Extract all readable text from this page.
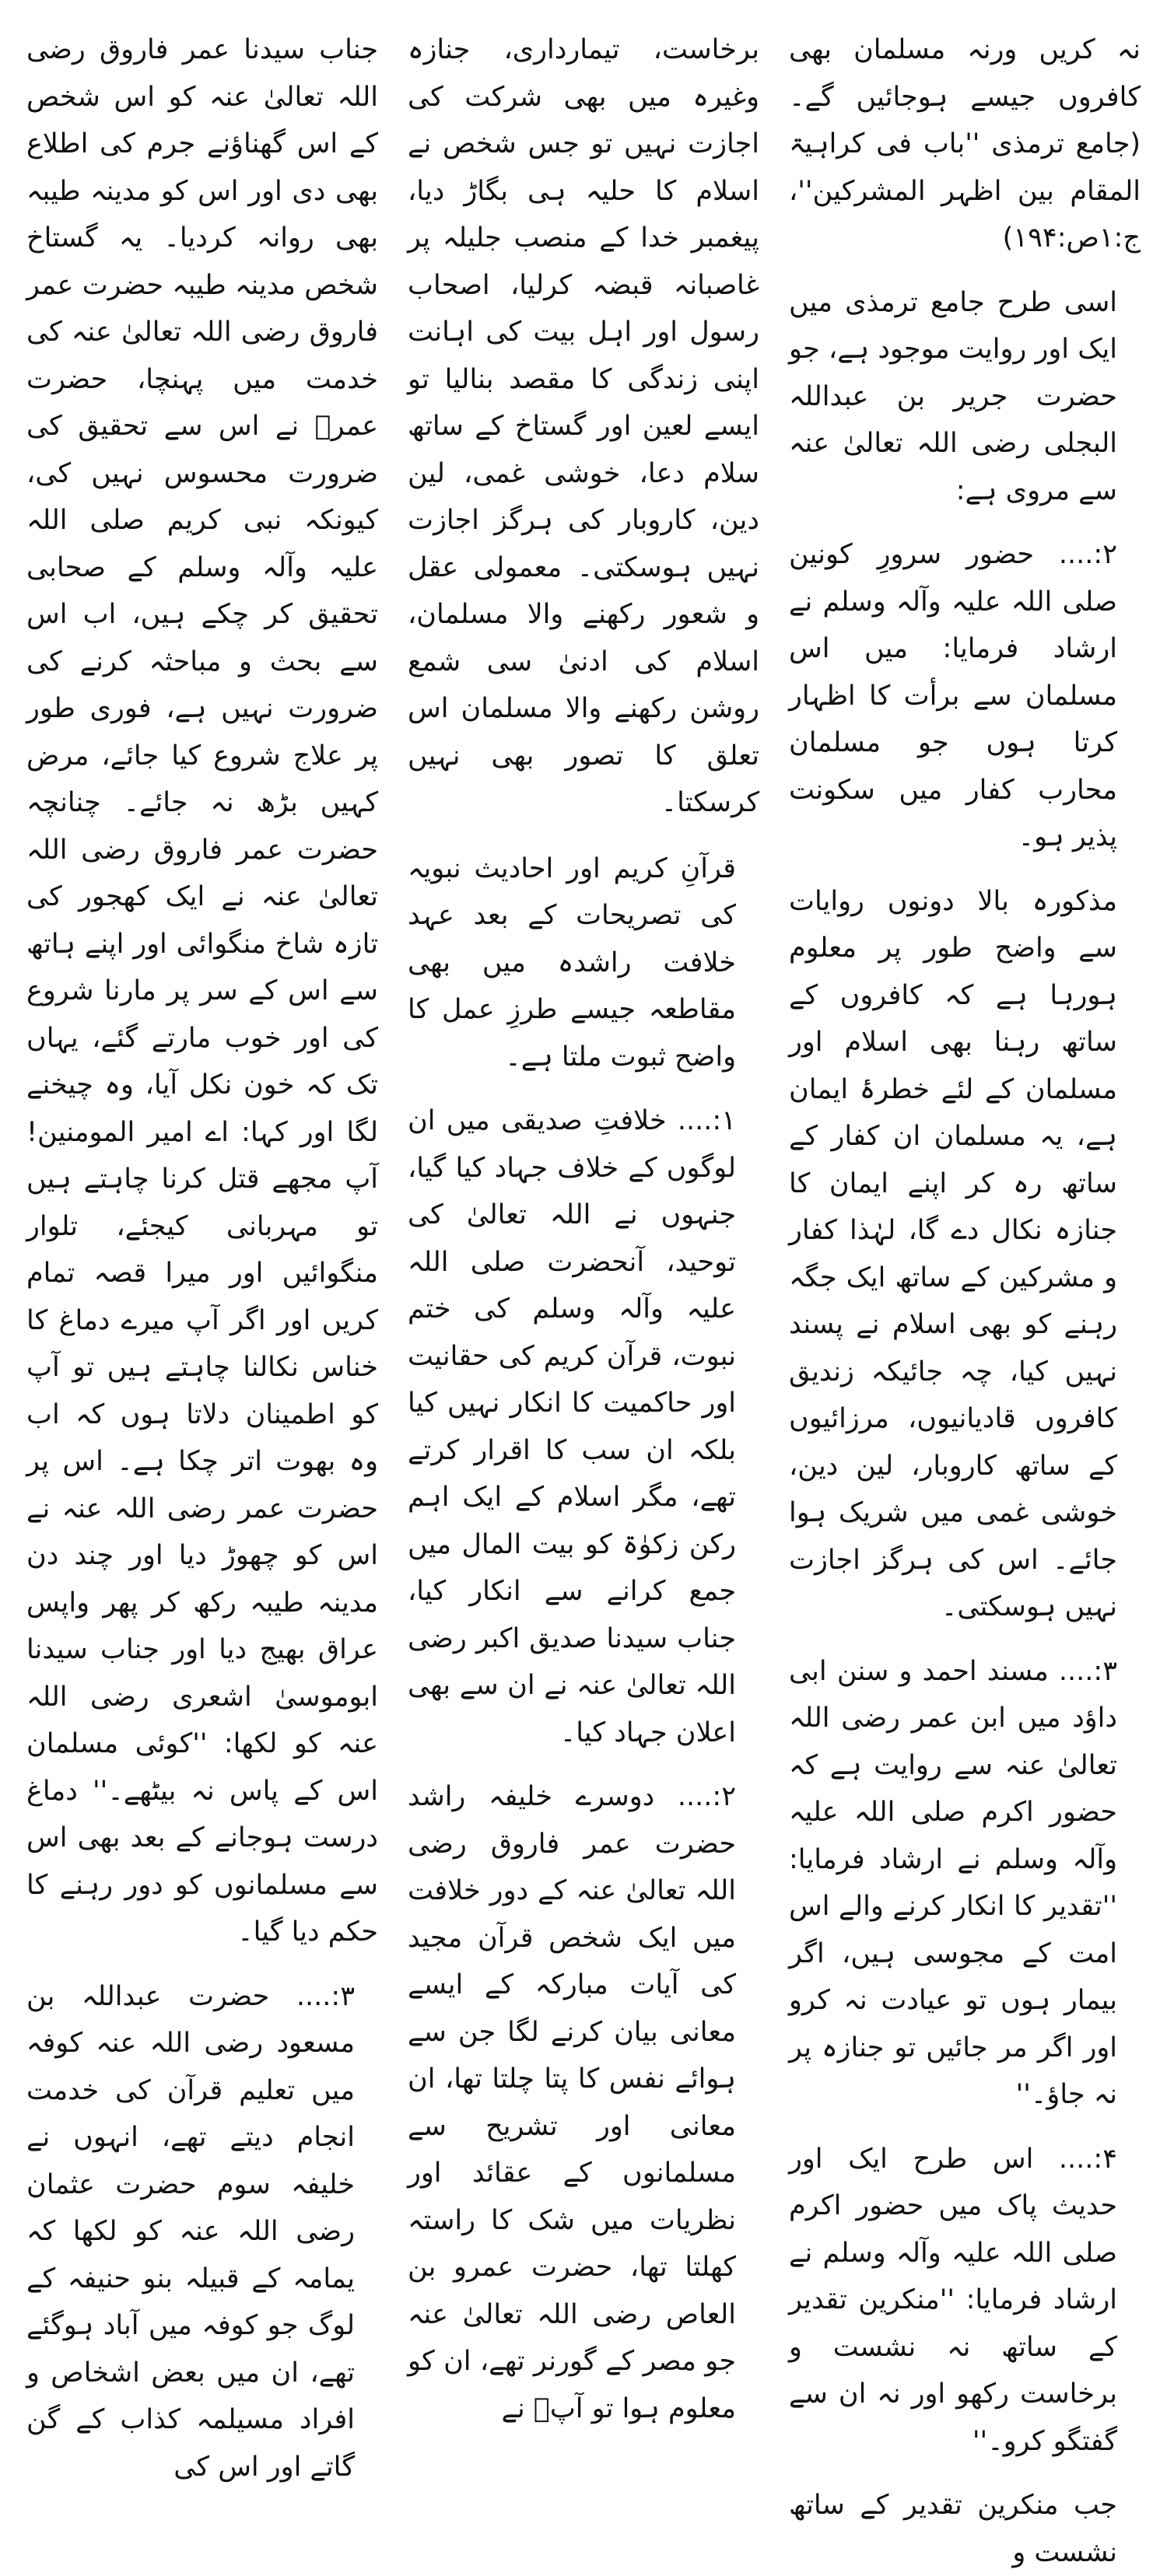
نہ کریں ورنہ مسلمان بھی کافروں جیسے ہوجائیں گے۔ (جامع ترمذی ''باب فی کراہیۃ المقام بین اظہر المشرکین''، ج:۱ص:۱۹۴)

اسی طرح جامع ترمذی میں ایک اور روایت موجود ہے، جو حضرت جریر بن عبداللہ البجلی رضی اللہ تعالیٰ عنہ سے مروی ہے:

۲:.... حضور سرورِ کونین صلی اللہ علیہ وآلہ وسلم نے ارشاد فرمایا: میں اس مسلمان سے برأت کا اظہار کرتا ہوں جو مسلمان محارب کفار میں سکونت پذیر ہو۔

مذکورہ بالا دونوں روایات سے واضح طور پر معلوم ہورہا ہے کہ کافروں کے ساتھ رہنا بھی اسلام اور مسلمان کے لئے خطرۂ ایمان ہے، یہ مسلمان ان کفار کے ساتھ رہ کر اپنے ایمان کا جنازہ نکال دے گا، لہٰذا کفار و مشرکین کے ساتھ ایک جگہ رہنے کو بھی اسلام نے پسند نہیں کیا، چہ جائیکہ زندیق کافروں قادیانیوں، مرزائیوں کے ساتھ کاروبار، لین دین، خوشی غمی میں شریک ہوا جائے۔ اس کی ہرگز اجازت نہیں ہوسکتی۔

۳:.... مسند احمد و سنن ابی داؤد میں ابن عمر رضی اللہ تعالیٰ عنہ سے روایت ہے کہ حضور اکرم صلی اللہ علیہ وآلہ وسلم نے ارشاد فرمایا: ''تقدیر کا انکار کرنے والے اس امت کے مجوسی ہیں، اگر بیمار ہوں تو عیادت نہ کرو اور اگر مر جائیں تو جنازہ پر نہ جاؤ۔''

۴:.... اس طرح ایک اور حدیث پاک میں حضور اکرم صلی اللہ علیہ وآلہ وسلم نے ارشاد فرمایا: ''منکرین تقدیر کے ساتھ نہ نشست و برخاست رکھو اور نہ ان سے گفتگو کرو۔''

جب منکرین تقدیر کے ساتھ نشست و

برخاست، تیمارداری، جنازہ وغیرہ میں بھی شرکت کی اجازت نہیں تو جس شخص نے اسلام کا حلیہ ہی بگاڑ دیا، پیغمبر خدا کے منصب جلیلہ پر غاصبانہ قبضہ کرلیا، اصحاب رسول اور اہل بیت کی اہانت اپنی زندگی کا مقصد بنالیا تو ایسے لعین اور گستاخ کے ساتھ سلام دعا، خوشی غمی، لین دین، کاروبار کی ہرگز اجازت نہیں ہوسکتی۔ معمولی عقل و شعور رکھنے والا مسلمان، اسلام کی ادنیٰ سی شمع روشن رکھنے والا مسلمان اس تعلق کا تصور بھی نہیں کرسکتا۔

قرآنِ کریم اور احادیث نبویہ کی تصریحات کے بعد عہد خلافت راشدہ میں بھی مقاطعہ جیسے طرزِ عمل کا واضح ثبوت ملتا ہے۔

۱:.... خلافتِ صدیقی میں ان لوگوں کے خلاف جہاد کیا گیا، جنہوں نے اللہ تعالیٰ کی توحید، آنحضرت صلی اللہ علیہ وآلہ وسلم کی ختم نبوت، قرآن کریم کی حقانیت اور حاکمیت کا انکار نہیں کیا بلکہ ان سب کا اقرار کرتے تھے، مگر اسلام کے ایک اہم رکن زکوٰۃ کو بیت المال میں جمع کرانے سے انکار کیا، جناب سیدنا صدیق اکبر رضی اللہ تعالیٰ عنہ نے ان سے بھی اعلان جہاد کیا۔

۲:.... دوسرے خلیفہ راشد حضرت عمر فاروق رضی اللہ تعالیٰ عنہ کے دور خلافت میں ایک شخص قرآن مجید کی آیات مبارکہ کے ایسے معانی بیان کرنے لگا جن سے ہوائے نفس کا پتا چلتا تھا، ان معانی اور تشریح سے مسلمانوں کے عقائد اور نظریات میں شک کا راستہ کھلتا تھا، حضرت عمرو بن العاص رضی اللہ تعالیٰ عنہ جو مصر کے گورنر تھے، ان کو معلوم ہوا تو آپؓ نے

جناب سیدنا عمر فاروق رضی اللہ تعالیٰ عنہ کو اس شخص کے اس گھناؤنے جرم کی اطلاع بھی دی اور اس کو مدینہ طیبہ بھی روانہ کردیا۔ یہ گستاخ شخص مدینہ طیبہ حضرت عمر فاروق رضی اللہ تعالیٰ عنہ کی خدمت میں پہنچا، حضرت عمرؓ نے اس سے تحقیق کی ضرورت محسوس نہیں کی، کیونکہ نبی کریم صلی اللہ علیہ وآلہ وسلم کے صحابی تحقیق کر چکے ہیں، اب اس سے بحث و مباحثہ کرنے کی ضرورت نہیں ہے، فوری طور پر علاج شروع کیا جائے، مرض کہیں بڑھ نہ جائے۔ چنانچہ حضرت عمر فاروق رضی اللہ تعالیٰ عنہ نے ایک کھجور کی تازہ شاخ منگوائی اور اپنے ہاتھ سے اس کے سر پر مارنا شروع کی اور خوب مارتے گئے، یہاں تک کہ خون نکل آیا، وہ چیخنے لگا اور کہا: اے امیر المومنین! آپ مجھے قتل کرنا چاہتے ہیں تو مہربانی کیجئے، تلوار منگوائیں اور میرا قصہ تمام کریں اور اگر آپ میرے دماغ کا خناس نکالنا چاہتے ہیں تو آپ کو اطمینان دلاتا ہوں کہ اب وہ بھوت اتر چکا ہے۔ اس پر حضرت عمر رضی اللہ عنہ نے اس کو چھوڑ دیا اور چند دن مدینہ طیبہ رکھ کر پھر واپس عراق بھیج دیا اور جناب سیدنا ابوموسیٰ اشعری رضی اللہ عنہ کو لکھا: ''کوئی مسلمان اس کے پاس نہ بیٹھے۔'' دماغ درست ہوجانے کے بعد بھی اس سے مسلمانوں کو دور رہنے کا حکم دیا گیا۔

۳:.... حضرت عبداللہ بن مسعود رضی اللہ عنہ کوفہ میں تعلیم قرآن کی خدمت انجام دیتے تھے، انہوں نے خلیفہ سوم حضرت عثمان رضی اللہ عنہ کو لکھا کہ یمامہ کے قبیلہ بنو حنیفہ کے لوگ جو کوفہ میں آباد ہوگئے تھے، ان میں بعض اشخاص و افراد مسیلمہ کذاب کے گن گاتے اور اس کی
